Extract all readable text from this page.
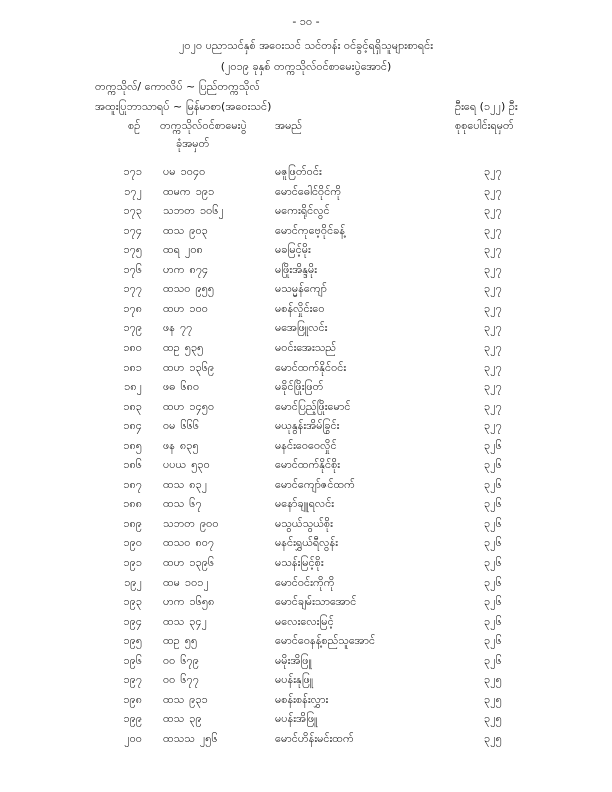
- ၁၀ -
၂၀၂၀ ပညာသင်နှစ် အဝေးသင် သင်တန်း ဝင်ခွင့်ရရှိသူများစာရင်း
(၂၀၁၉ ခုနှစ် တက္ကသိုလ်ဝင်စာမေးပွဲအောင်)
တက္ကသိုလ်/ ကောလိပ် ~ ပြည်တက္ကသိုလ်
အထူးပြုဘာသာရပ် ~ မြန်မာစာ(အဝေးသင်)	ဦးရေ (၁၂၂) ဦး
စဉ် တက္ကသိုလ်ဝင်စာမေးပွဲ
ခုံအမှတ်
အမည်	စုစုပေါင်းရမှတ်
၁၇၁ ပမ ၁၀၄၀	မဇူဖြတ်ဝင်း	၃၂၇
၁၇၂ ထမက ၁၉၁	မောင်ဓေါင်ဝိုင်ကို	၃၂၇
၁၇၃ သဘတ ၁၀၆၂	မကေးရိုင်လွင်	၃၂၇
၁၇၄ ထသ ၉၀၃	မောင်ကုဗေ့ဝိုင်ခန့်	၃၂၇
၁၇၅ ထရ ၂၀၈	မခမြင့်မိုး	၃၂၇
၁၇၆ ဟက ၈၇၄	မဖြိုးအိန္ဒမိုး	၃၂၇
၁၇၇ ထသဝ ၉၅၅	မသမ္မန်ကျော်	၃၂၇
၁၇၈ ထဟ ၁၀၀	မစန်လှိုင်းဝေ	၃၂၇
၁၇၉ ဖန ၇၇	မအေဖြူလင်း	၃၂၇
၁၈၀ ထဥ ၅၃၅	မဝင်းအေးသည်	၃၂၇
၁၈၁ ထဟ ၁၃၆၉	မောင်ထက်နိုင်ဝင်း	၃၂၇
၁၈၂ ဖဓ ၆၈၀	မခိုင်ဖြိုးဖြတ်	၃၂၇
၁၈၃ ထဟ ၁၄၅၀	မောင်ပြည့်ဖြိုးမောင်	၃၂၇
၁၈၄ ဝမ ၆၆၆	မယုနွန်းအိမ်ခြွင်း	၃၂၇
၁၈၅ ဖန ၈၃၅	မနင်းဝေဝေလှိုင်	၃၂၆
၁၈၆ ပပယ ၅၃၀	မောင်ထက်နိုင်စိုး	၃၂၆
၁၈၇ ထသ ၈၃၂	မောင်ကျော်ဇင်ထက်	၃၂၆
၁၈၈ ထသ ၆၇	မနော်ချူရလင်း	၃၂၆
၁၈၉ သဘတ ၉၀၀	မသွယ်သွယ်စိုး	၃၂၆
၁၉၀ ထသဝ ၈၀၇	မနင်းရွှယ်ရီလွန်း	၃၂၆
၁၉၁ ထဟ ၁၃၉၆	မသန်းမြင့်စိုး	၃၂၆
၁၉၂ ထမ ၁၀၁၂	မောင်ဝင်းကိုကို	၃၂၆
၁၉၃ ဟက ၁၆၅၈	မောင်ချမ်းသာအောင်	၃၂၆
၁၉၄ ထသ ၃၄၂	မလေးလေးမြင့်	၃၂၆
၁၉၅ ထဥ ၅၅	မောင်ဝေနန့်စည်သူအောင်	၃၂၆
၁၉၆ ဝဝ ၆၇၉	မမိုးအိဖြူ	၃၂၆
၁၉၇ ဝဝ ၆၇၇	မပန်းနုဖြူ	၃၂၅
၁၉၈ ထသ ၉၃၁	မစန်းစန်းလွှား	၃၂၅
၁၉၉ ထသ ၃၉	မပန်းအိဖြူ	၃၂၅
၂၀၀ ထသသ ၂၅၆	မောင်ဟိန်းမင်းထက်	၃၂၅
